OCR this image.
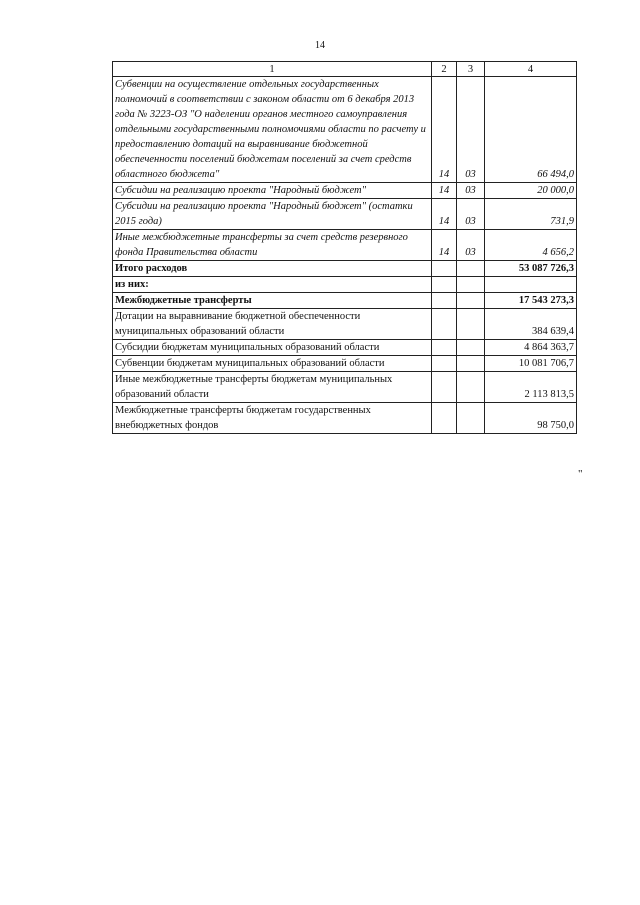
14
1	2	3	4
Субвенции на осуществление отдельных государственных полномочий в соответствии с законом области от 6 декабря 2013 года № 3223-ОЗ "О наделении органов местного самоуправления отдельными государственными полномочиями области по расчету и предоставлению дотаций на выравнивание бюджетной обеспеченности поселений бюджетам поселений за счет средств областного бюджета"	14	03	66 494,0
Субсидии на реализацию проекта "Народный бюджет"	14	03	20 000,0
Субсидии на реализацию проекта "Народный бюджет" (остатки 2015 года)	14	03	731,9
Иные межбюджетные трансферты за счет средств резервного фонда Правительства области	14	03	4 656,2
Итого расходов			53 087 726,3
из них:			
Межбюджетные трансферты			17 543 273,3
Дотации на выравнивание бюджетной обеспеченности муниципальных образований области			384 639,4
Субсидии бюджетам муниципальных образований области			4 864 363,7
Субвенции бюджетам муниципальных образований области			10 081 706,7
Иные межбюджетные трансферты бюджетам муниципальных образований области			2 113 813,5
Межбюджетные трансферты бюджетам государственных внебюджетных фондов			98 750,0
"
